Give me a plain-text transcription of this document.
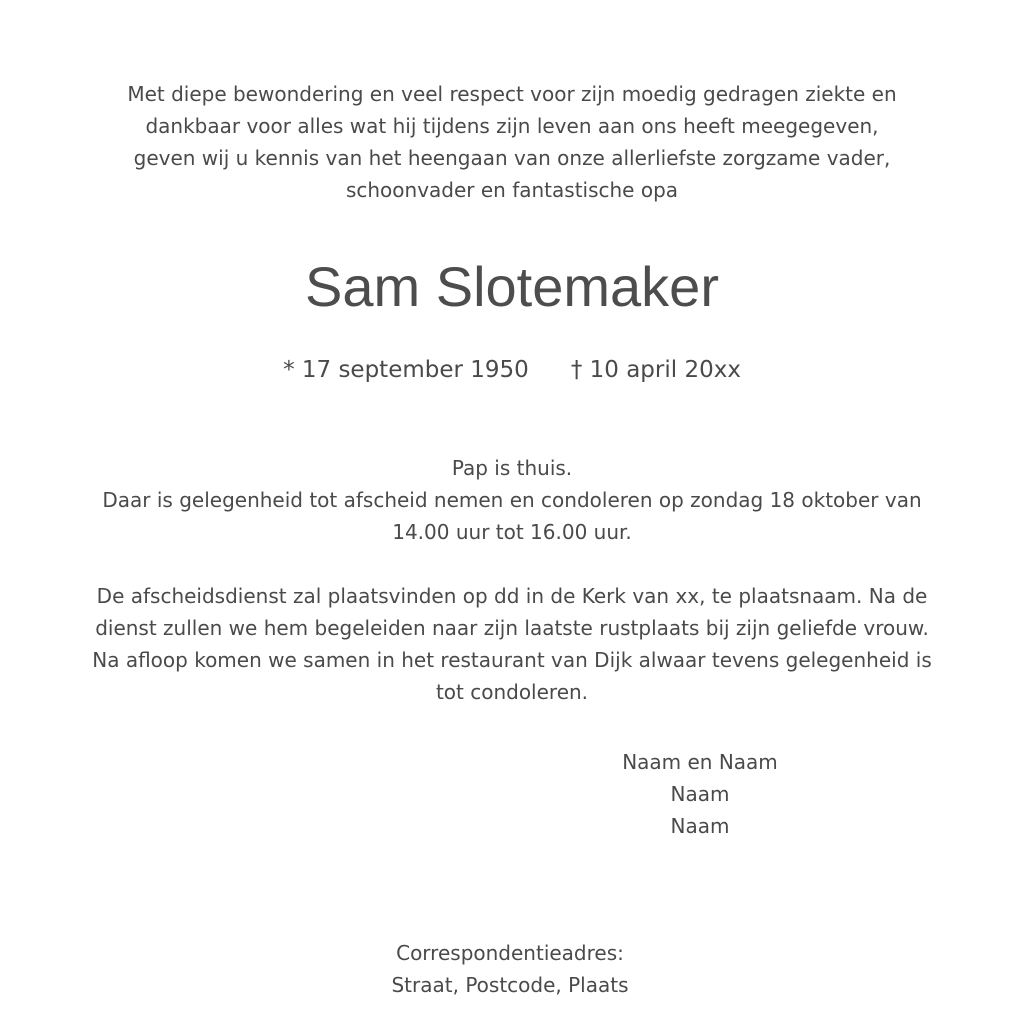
Met diepe bewondering en veel respect voor zijn moedig gedragen ziekte en
dankbaar voor alles wat hij tijdens zijn leven aan ons heeft meegegeven,
geven wij u kennis van het heengaan van onze allerliefste zorgzame vader,
schoonvader en fantastische opa
Sam Slotemaker
* 17 september 1950 † 10 april 20xx
Pap is thuis.
Daar is gelegenheid tot afscheid nemen en condoleren op zondag 18 oktober van
14.00 uur tot 16.00 uur.
De afscheidsdienst zal plaatsvinden op dd in de Kerk van xx, te plaatsnaam. Na de
dienst zullen we hem begeleiden naar zijn laatste rustplaats bij zijn geliefde vrouw.
Na afloop komen we samen in het restaurant van Dijk alwaar tevens gelegenheid is
tot condoleren.
Naam en Naam
Naam
Naam
Correspondentieadres:
Straat, Postcode, Plaats
